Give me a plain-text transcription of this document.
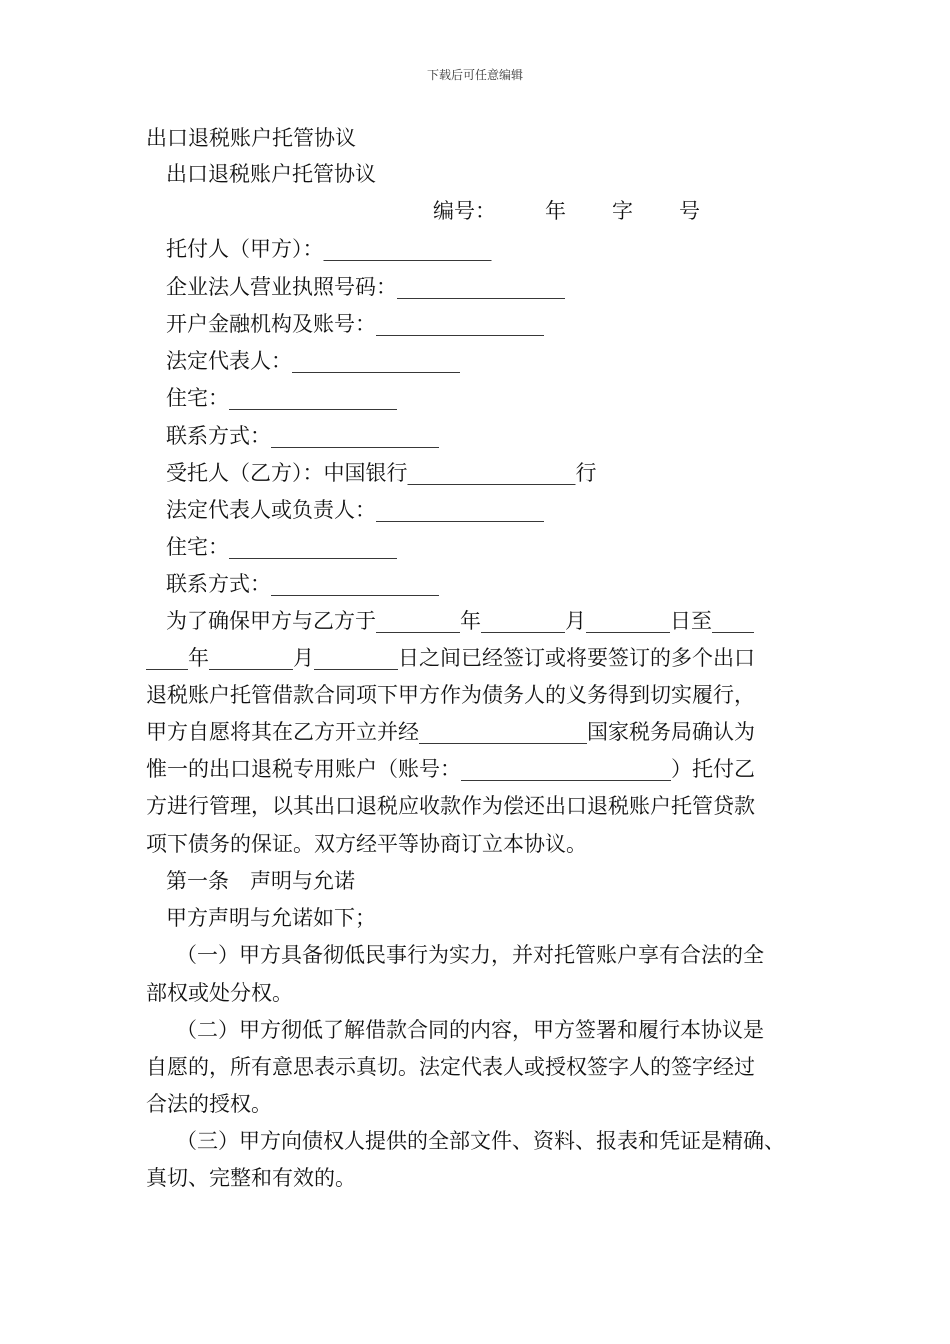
下载后可任意编辑
出口退税账户托管协议
出口退税账户托管协议
编号： 年 字 号
托付人（甲方）：________________
企业法人营业执照号码：________________
开户金融机构及账号：________________
法定代表人：________________
住宅：________________
联系方式：________________
受托人（乙方）：中国银行________________行
法定代表人或负责人：________________
住宅：________________
联系方式：________________
为了确保甲方与乙方于________年________月________日至____
____年________月________日之间已经签订或将要签订的多个出口
退税账户托管借款合同项下甲方作为债务人的义务得到切实履行，
甲方自愿将其在乙方开立并经________________国家税务局确认为
惟一的出口退税专用账户（账号：____________________）托付乙
方进行管理，以其出口退税应收款作为偿还出口退税账户托管贷款
项下债务的保证。双方经平等协商订立本协议。
第一条　声明与允诺
甲方声明与允诺如下；
（一）甲方具备彻低民事行为实力，并对托管账户享有合法的全
部权或处分权。
（二）甲方彻低了解借款合同的内容，甲方签署和履行本协议是
自愿的，所有意思表示真切。法定代表人或授权签字人的签字经过
合法的授权。
（三）甲方向债权人提供的全部文件、资料、报表和凭证是精确、
真切、完整和有效的。
